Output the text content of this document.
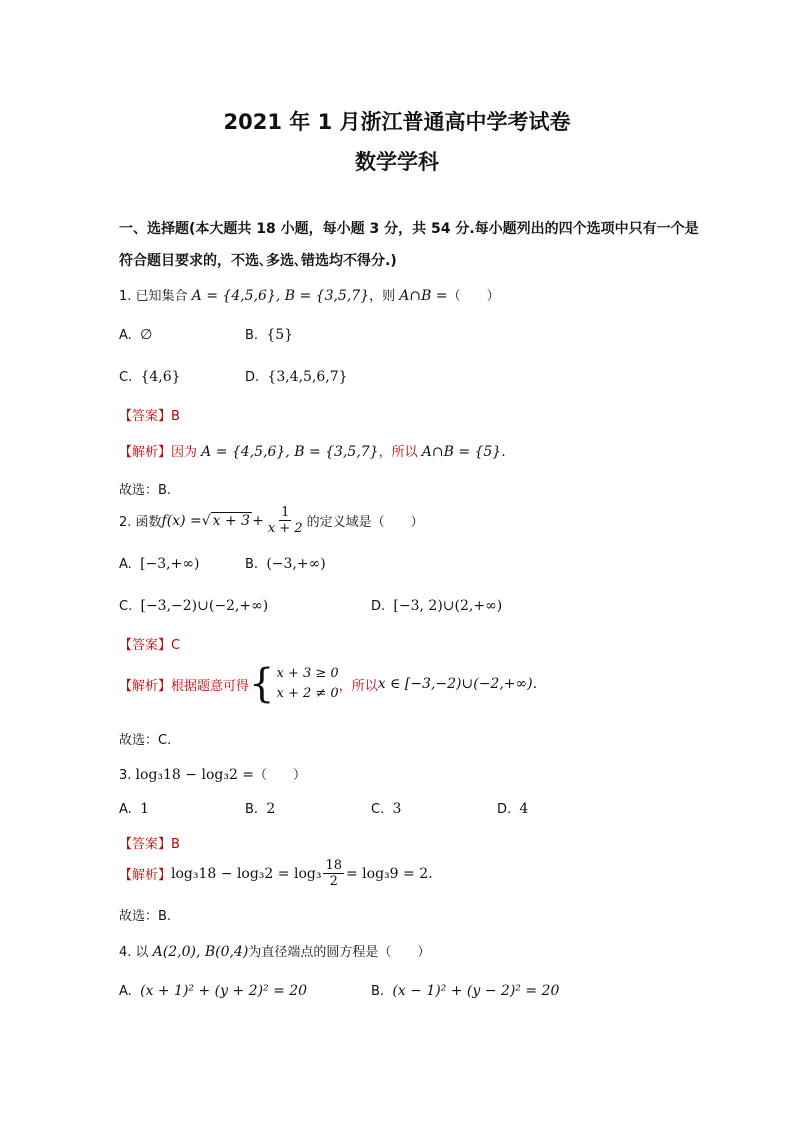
2021 年 1 月浙江普通高中学考试卷
数学学科
一、选择题(本大题共 18 小题，每小题 3 分，共 54 分.每小题列出的四个选项中只有一个是
符合题目要求的，不选､多选､错选均不得分.)
1. 已知集合 A = {4,5,6}, B = {3,5,7}，则 A∩B =（　　）
A. ∅	B. {5}
C. {4,6}	D. {3,4,5,6,7}
【答案】B
【解析】因为 A = {4,5,6}, B = {3,5,7}，所以 A∩B = {5}.
故选：B.
2. 函数 f(x) = √ $x + 3 + \frac{1}{x + 2}$ 的定义域是（　　）
A. [−3,+∞)	B. (−3,+∞)
C. [−3,−2)∪(−2,+∞)	D. [−3, 2)∪(2,+∞)
【答案】C
【解析】 根据题意可得 { x + 3 ≥ 0
x + 2 ≠ 0 ，所以 x ∈ [−3,−2)∪(−2,+∞) .
故选：C.
3. log₃18 − log₃2 =（　　）
A. 1	B. 2	C. 3	D. 4
【答案】B
【解析】 $\log_318 - \log_32 = \log_3 \frac{18}{2} = \log_39 = 2$ .
故选：B.
4. 以 A(2,0), B(0,4)为直径端点的圆方程是（　　）
A. (x + 1)² + (y + 2)² = 20	B. (x − 1)² + (y − 2)² = 20
